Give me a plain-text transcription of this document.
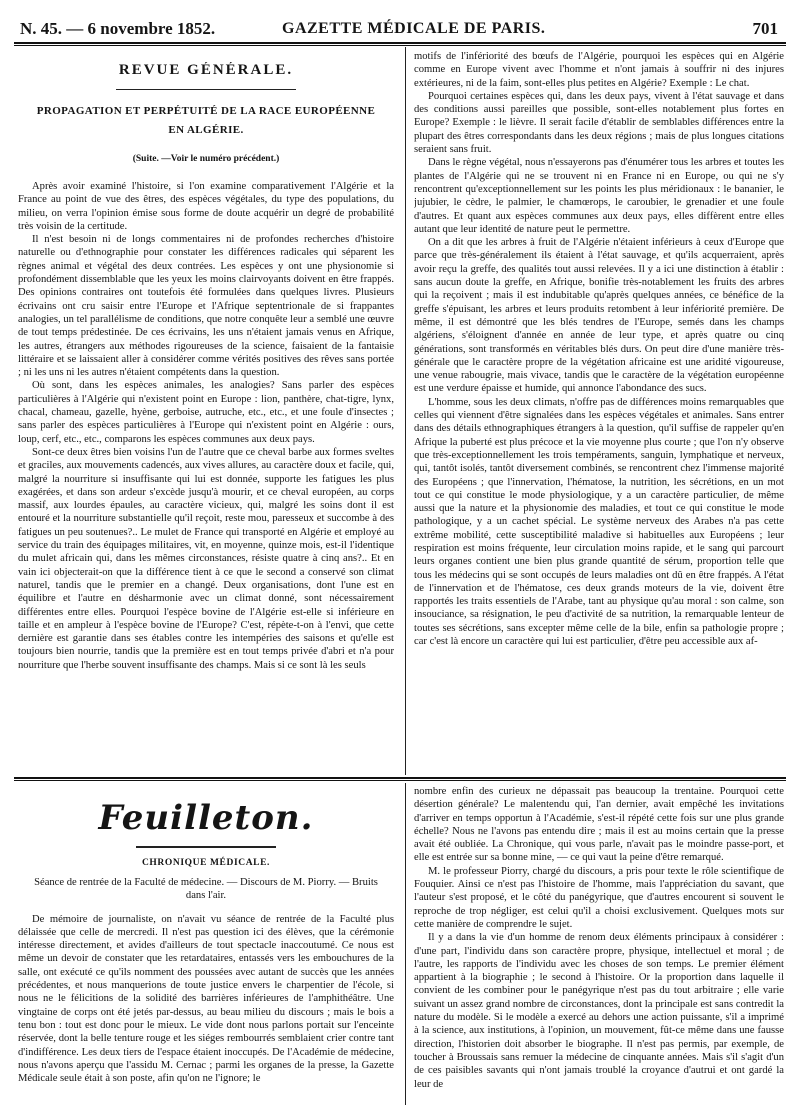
N. 45. — 6 novembre 1852.	GAZETTE MÉDICALE DE PARIS.	701
REVUE GÉNÉRALE.
PROPAGATION ET PERPÉTUITÉ DE LA RACE EUROPÉENNE EN ALGÉRIE.
(Suite. —Voir le numéro précédent.)

Après avoir examiné l'histoire, si l'on examine comparativement l'Algérie et la France au point de vue des êtres, des espèces végétales, du type des populations, du milieu, on verra l'opinion émise sous forme de doute acquérir un degré de probabilité très voisin de la certitude.

Il n'est besoin ni de longs commentaires ni de profondes recherches d'histoire naturelle ou d'ethnographie pour constater les différences radicales qui séparent les règnes animal et végétal des deux contrées. Les espèces y ont une physionomie si profondément dissemblable que les yeux les moins clairvoyants doivent en être frappés. Des opinions contraires ont toutefois été formulées dans quelques livres. Plusieurs écrivains ont cru saisir entre l'Europe et l'Afrique septentrionale de si frappantes analogies, un tel parallélisme de conditions, que notre conquête leur a semblé une œuvre de tout temps prédestinée. De ces écrivains, les uns n'étaient jamais venus en Afrique, les autres, étrangers aux méthodes rigoureuses de la science, faisaient de la fantaisie littéraire et se laissaient aller à considérer comme vérités positives des rêves sans portée ; ni les uns ni les autres n'étaient compétents dans la question.

Où sont, dans les espèces animales, les analogies? Sans parler des espèces particulières à l'Algérie qui n'existent point en Europe : lion, panthère, chat-tigre, lynx, chacal, chameau, gazelle, hyène, gerboise, autruche, etc., etc., et une foule d'insectes ; sans parler des espèces particulières à l'Europe qui n'existent point en Algérie : ours, loup, cerf, etc., etc., comparons les espèces communes aux deux pays.

Sont-ce deux êtres bien voisins l'un de l'autre que ce cheval barbe aux formes sveltes et graciles, aux mouvements cadencés, aux vives allures, au caractère doux et facile, qui, malgré la nourriture si insuffisante qui lui est donnée, supporte les fatigues les plus exagérées, et dans son ardeur s'excède jusqu'à mourir, et ce cheval européen, au corps massif, aux lourdes épaules, au caractère vicieux, qui, malgré les soins dont il est entouré et la nourriture substantielle qu'il reçoit, reste mou, paresseux et succombe à des fatigues un peu soutenues?.. Le mulet de France qui transporté en Algérie et employé au service du train des équipages militaires, vit, en moyenne, quinze mois, est-il l'identique du mulet africain qui, dans les mêmes circonstances, résiste quatre à cinq ans?.. Et en vain ici objecterait-on que la différence tient à ce que le second a conservé son climat naturel, tandis que le premier en a changé. Deux organisations, dont l'une est en équilibre et l'autre en désharmonie avec un climat donné, sont nécessairement différentes entre elles. Pourquoi l'espèce bovine de l'Algérie est-elle si inférieure en taille et en ampleur à l'espèce bovine de l'Europe? C'est, répète-t-on à l'envi, que cette dernière est garantie dans ses étables contre les intempéries des saisons et qu'elle est toujours bien nourrie, tandis que la première est en tout temps privée d'abri et n'a pour nourriture que l'herbe souvent insuffisante des champs. Mais si ce sont là les seuls

motifs de l'infériorité des bœufs de l'Algérie, pourquoi les espèces qui en Algérie comme en Europe vivent avec l'homme et n'ont jamais à souffrir ni des injures extérieures, ni de la faim, sont-elles plus petites en Algérie? Exemple : Le chat.

Pourquoi certaines espèces qui, dans les deux pays, vivent à l'état sauvage et dans des conditions aussi pareilles que possible, sont-elles notablement plus fortes en Europe? Exemple : le lièvre. Il serait facile d'établir de semblables différences entre la plupart des êtres correspondants dans les deux régions ; mais de plus longues citations seraient sans fruit.

Dans le règne végétal, nous n'essayerons pas d'énumérer tous les arbres et toutes les plantes de l'Algérie qui ne se trouvent ni en France ni en Europe, ou qui ne s'y rencontrent qu'exceptionnellement sur les points les plus méridionaux : le bananier, le jujubier, le cèdre, le palmier, le chamœrops, le caroubier, le grenadier et une foule d'autres. Et quant aux espèces communes aux deux pays, elles diffèrent entre elles autant que leur identité de nature peut le permettre.

On a dit que les arbres à fruit de l'Algérie n'étaient inférieurs à ceux d'Europe que parce que très-généralement ils étaient à l'état sauvage, et qu'ils acquerraient, après avoir reçu la greffe, des qualités tout aussi relevées. Il y a ici une distinction à établir : sans aucun doute la greffe, en Afrique, bonifie très-notablement les fruits des arbres qui la reçoivent ; mais il est indubitable qu'après quelques années, ce bénéfice de la greffe s'épuisant, les arbres et leurs produits retombent à leur infériorité première. De même, il est démontré que les blés tendres de l'Europe, semés dans les champs algériens, s'éloignent d'année en année de leur type, et après quatre ou cinq générations, sont transformés en véritables blés durs. On peut dire d'une manière très-générale que le caractère propre de la végétation africaine est une aridité vigoureuse, une venue rabougrie, mais vivace, tandis que le caractère de la végétation européenne est une verdure épaisse et humide, qui annonce l'abondance des sucs.

L'homme, sous les deux climats, n'offre pas de différences moins remarquables que celles qui viennent d'être signalées dans les espèces végétales et animales. Sans entrer dans des détails ethnographiques étrangers à la question, qu'il suffise de rappeler qu'en Afrique la puberté est plus précoce et la vie moyenne plus courte ; que l'on n'y observe que très-exceptionnellement les trois tempéraments, sanguin, lymphatique et nerveux, qui, tantôt isolés, tantôt diversement combinés, se rencontrent chez l'immense majorité des Européens ; que l'innervation, l'hématose, la nutrition, les sécrétions, en un mot tout ce qui constitue le mode physiologique, y a un caractère particulier, de même aussi que la nature et la physionomie des maladies, et tout ce qui constitue le mode pathologique, y a un cachet spécial. Le système nerveux des Arabes n'a pas cette extrême mobilité, cette susceptibilité maladive si habituelles aux Européens ; leur respiration est moins fréquente, leur circulation moins rapide, et le sang qui parcourt leurs organes contient une bien plus grande quantité de sérum, proportion telle que tous les médecins qui se sont occupés de leurs maladies ont dû en être frappés. A l'état de l'innervation et de l'hématose, ces deux grands moteurs de la vie, doivent être rapportés les traits essentiels de l'Arabe, tant au physique qu'au moral : son calme, son insouciance, sa résignation, le peu d'activité de sa nutrition, la remarquable lenteur de toutes ses sécrétions, sans excepter même celle de la bile, enfin sa pathologie propre ; car c'est là encore un caractère qui lui est particulier, d'être peu accessible aux af-

Feuilleton.
CHRONIQUE MÉDICALE.
Séance de rentrée de la Faculté de médecine. — Discours de M. Piorry. — Bruits dans l'air.

De mémoire de journaliste, on n'avait vu séance de rentrée de la Faculté plus délaissée que celle de mercredi. Il n'est pas question ici des élèves, que la cérémonie intéresse directement, et avides d'ailleurs de tout spectacle inaccoutumé. Ce nous est même un devoir de constater que les retardataires, entassés vers les embouchures de la salle, ont exécuté ce qu'ils nomment des poussées avec autant de succès que les années précédentes, et nous manquerions de toute justice envers le charpentier de l'école, si nous ne le félicitions de la solidité des barrières inférieures de l'amphithéâtre. Une vingtaine de corps ont été jetés par-dessus, au beau milieu du discours ; mais le bois a tenu bon : tout est donc pour le mieux. Le vide dont nous parlons portait sur l'enceinte réservée, dont la belle tenture rouge et les siéges rembourrés semblaient crier contre tant d'indifférence. Les deux tiers de l'espace étaient inoccupés. De l'Académie de médecine, nous n'avons aperçu que l'assidu M. Cernac ; parmi les organes de la presse, la Gazette Médicale seule était à son poste, afin qu'on ne l'ignore; le

nombre enfin des curieux ne dépassait pas beaucoup la trentaine. Pourquoi cette désertion générale? Le malentendu qui, l'an dernier, avait empêché les invitations d'arriver en temps opportun à l'Académie, s'est-il répété cette fois sur une plus grande échelle? Nous ne l'avons pas entendu dire ; mais il est au moins certain que la presse avait été oubliée. La Chronique, qui vous parle, n'avait pas le moindre passe-port, et elle est entrée sur sa bonne mine, — ce qui vaut la peine d'être remarqué.

M. le professeur Piorry, chargé du discours, a pris pour texte le rôle scientifique de Fouquier. Ainsi ce n'est pas l'histoire de l'homme, mais l'appréciation du savant, que l'auteur s'est proposé, et le côté du panégyrique, que d'autres encourent si souvent le reproche de trop négliger, est celui qu'il a choisi exclusivement. Quelques mots sur cette manière de comprendre le sujet.

Il y a dans la vie d'un homme de renom deux éléments principaux à considérer : d'une part, l'individu dans son caractère propre, physique, intellectuel et moral ; de l'autre, les rapports de l'individu avec les choses de son temps. Le premier élément appartient à la biographie ; le second à l'histoire. Or la proportion dans laquelle il convient de les combiner pour le panégyrique n'est pas du tout arbitraire ; elle varie suivant un assez grand nombre de circonstances, dont la principale est sans contredit la nature du modèle. Si le modèle a exercé au dehors une action puissante, s'il a imprimé à la science, aux institutions, à l'opinion, un mouvement, fût-ce même dans une fausse direction, l'historien doit absorber le biographe. Il n'est pas permis, par exemple, de toucher à Broussais sans remuer la médecine de cinquante années. Mais s'il s'agit d'un de ces paisibles savants qui n'ont jamais troublé la croyance d'autrui et ont gardé la leur de
